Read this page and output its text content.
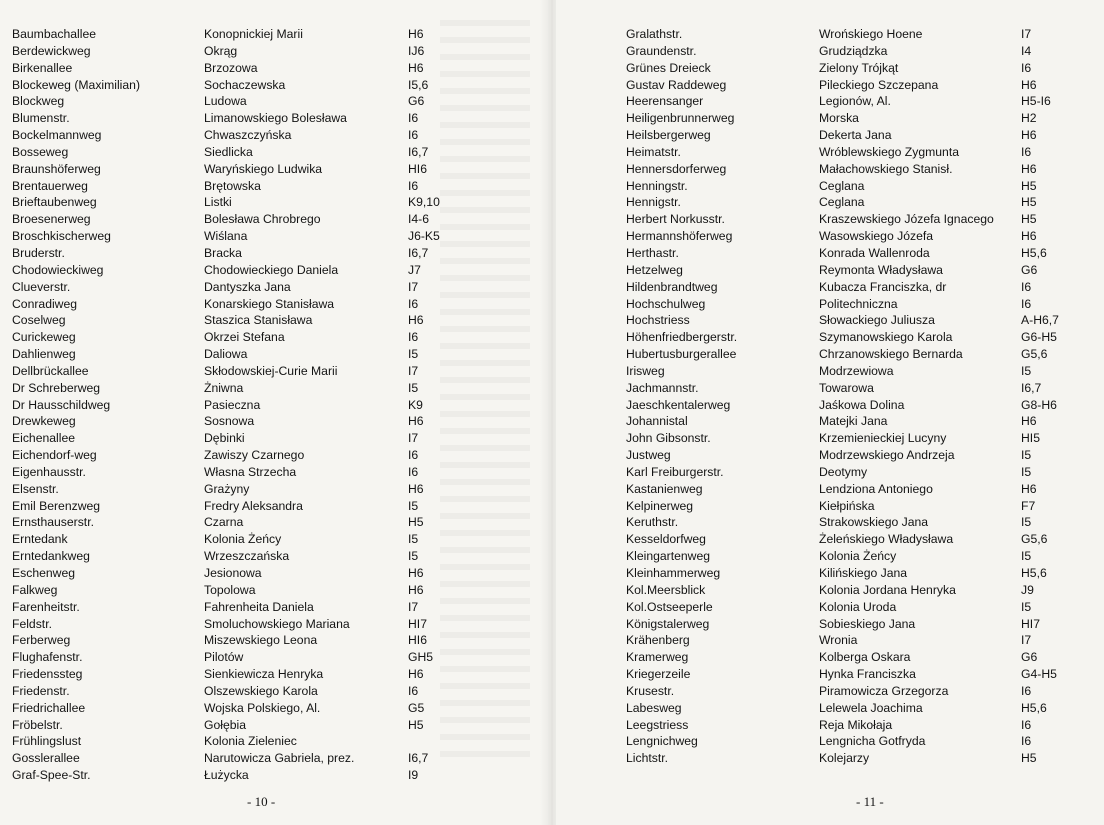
Baumbachallee	Konopnickiej Marii	H6
Berdewickweg	Okrąg	IJ6
Birkenallee	Brzozowa	H6
Blockeweg (Maximilian)	Sochaczewska	I5,6
Blockweg	Ludowa	G6
Blumenstr.	Limanowskiego Bolesława	I6
Bockelmannweg	Chwaszczyńska	I6
Bosseweg	Siedlicka	I6,7
Braunshöferweg	Waryńskiego Ludwika	HI6
Brentauerweg	Brętowska	I6
Brieftaubenweg	Listki	K9,10
Broesenerweg	Bolesława Chrobrego	I4-6
Broschkischerweg	Wiślana	J6-K5
Bruderstr.	Bracka	I6,7
Chodowieckiweg	Chodowieckiego Daniela	J7
Clueverstr.	Dantyszka Jana	I7
Conradiweg	Konarskiego Stanisława	I6
Coselweg	Staszica Stanisława	H6
Curickeweg	Okrzei Stefana	I6
Dahlienweg	Daliowa	I5
Dellbrückallee	Skłodowskiej-Curie Marii	I7
Dr Schreberweg	Żniwna	I5
Dr Hausschildweg	Pasieczna	K9
Drewkeweg	Sosnowa	H6
Eichenallee	Dębinki	I7
Eichendorf-weg	Zawiszy Czarnego	I6
Eigenhausstr.	Własna Strzecha	I6
Elsenstr.	Grażyny	H6
Emil Berenzweg	Fredry Aleksandra	I5
Ernsthauserstr.	Czarna	H5
Erntedank	Kolonia Żeńcy	I5
Erntedankweg	Wrzeszczańska	I5
Eschenweg	Jesionowa	H6
Falkweg	Topolowa	H6
Farenheitstr.	Fahrenheita Daniela	I7
Feldstr.	Smoluchowskiego Mariana	HI7
Ferberweg	Miszewskiego Leona	HI6
Flughafenstr.	Pilotów	GH5
Friedenssteg	Sienkiewicza Henryka	H6
Friedenstr.	Olszewskiego Karola	I6
Friedrichallee	Wojska Polskiego, Al.	G5
Fröbelstr.	Gołębia	H5
Frühlingslust	Kolonia Zieleniec
Gosslerallee	Narutowicza Gabriela, prez.	I6,7
Graf-Spee-Str.	Łużycka	I9
- 10 -
Gralathstr.	Wrońskiego Hoene	I7
Graundenstr.	Grudziądzka	I4
Grünes Dreieck	Zielony Trójkąt	I6
Gustav Raddeweg	Pileckiego Szczepana	H6
Heerensanger	Legionów, Al.	H5-I6
Heiligenbrunnerweg	Morska	H2
Heilsbergerweg	Dekerta Jana	H6
Heimatstr.	Wróblewskiego Zygmunta	I6
Hennersdorferweg	Małachowskiego Stanisł.	H6
Henningstr.	Ceglana	H5
Hennigstr.	Ceglana	H5
Herbert Norkusstr.	Kraszewskiego Józefa Ignacego H5
Hermannshöferweg	Wasowskiego Józefa	H6
Herthastr.	Konrada Wallenroda	H5,6
Hetzelweg	Reymonta Władysława	G6
Hildenbrandtweg	Kubacza Franciszka, dr	I6
Hochschulweg	Politechniczna	I6
Hochstriess	Słowackiego Juliusza	A-H6,7
Höhenfriedbergerstr.	Szymanowskiego Karola	G6-H5
Hubertusburgerallee	Chrzanowskiego Bernarda	G5,6
Irisweg	Modrzewiowa	I5
Jachmannstr.	Towarowa	I6,7
Jaeschkentalerweg	Jaśkowa Dolina	G8-H6
Johannistal	Matejki Jana	H6
John Gibsonstr.	Krzemienieckiej Lucyny	HI5
Justweg	Modrzewskiego Andrzeja	I5
Karl Freiburgerstr.	Deotymy	I5
Kastanienweg	Lendziona Antoniego	H6
Kelpinerweg	Kiełpińska	F7
Keruthstr.	Strakowskiego Jana	I5
Kesseldorfweg	Żeleńskiego Władysława	G5,6
Kleingartenweg	Kolonia Żeńcy	I5
Kleinhammerweg	Kilińskiego Jana	H5,6
Kol.Meersblick	Kolonia Jordana Henryka	J9
Kol.Ostseeperle	Kolonia Uroda	I5
Königstalerweg	Sobieskiego Jana	HI7
Krähenberg	Wronia	I7
Kramerweg	Kolberga Oskara	G6
Kriegerzeile	Hynka Franciszka	G4-H5
Krusestr.	Piramowicza Grzegorza	I6
Labesweg	Lelewela Joachima	H5,6
Leegstriess	Reja Mikołaja	I6
Lengnichweg	Lengnicha Gotfryda	I6
Lichtstr.	Kolejarzy	H5
- 11 -
